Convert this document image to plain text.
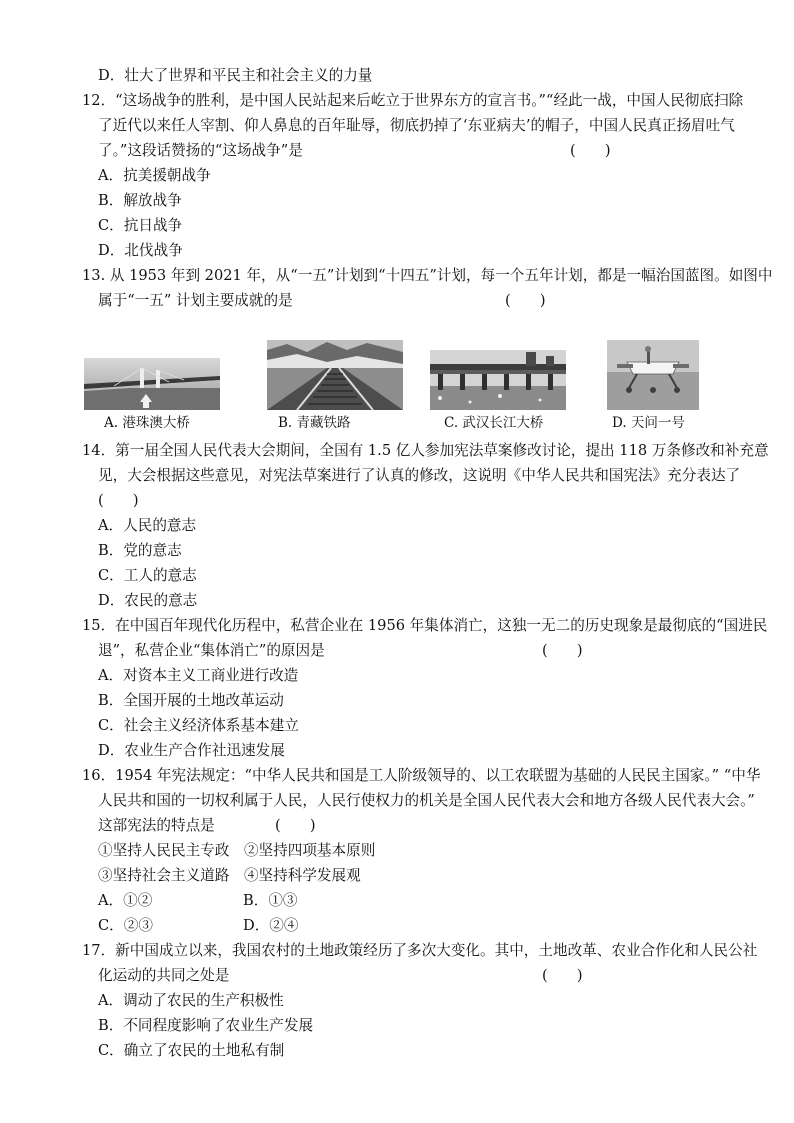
D．壮大了世界和平民主和社会主义的力量
12．“这场战争的胜利，是中国人民站起来后屹立于世界东方的宣言书。”“经此一战，中国人民彻底扫除
了近代以来任人宰割、仰人鼻息的百年耻辱，彻底扔掉了‘东亚病夫’的帽子，中国人民真正扬眉吐气
了。”这段话赞扬的“这场战争”是	(　　)
A．抗美援朝战争
B．解放战争
C．抗日战争
D．北伐战争
13. 从 1953 年到 2021 年，从“一五”计划到“十四五”计划，每一个五年计划，都是一幅治国蓝图。如图中
属于“一五” 计划主要成就的是	(　　)
A. 港珠澳大桥	B. 青藏铁路	C. 武汉长江大桥	D. 天问一号
14．第一届全国人民代表大会期间，全国有 1.5 亿人参加宪法草案修改讨论，提出 118 万条修改和补充意
见，大会根据这些意见，对宪法草案进行了认真的修改，这说明《中华人民共和国宪法》充分表达了
(　　)
A．人民的意志
B．党的意志
C．工人的意志
D．农民的意志
15．在中国百年现代化历程中，私营企业在 1956 年集体消亡，这独一无二的历史现象是最彻底的“国进民
退”，私营企业“集体消亡”的原因是	(　　)
A．对资本主义工商业进行改造
B．全国开展的土地改革运动
C．社会主义经济体系基本建立
D．农业生产合作社迅速发展
16．1954 年宪法规定：“中华人民共和国是工人阶级领导的、以工农联盟为基础的人民民主国家。” “中华
人民共和国的一切权利属于人民，人民行使权力的机关是全国人民代表大会和地方各级人民代表大会。”
这部宪法的特点是	(　　)
①坚持人民民主专政　②坚持四项基本原则
③坚持社会主义道路　④坚持科学发展观
A．①②	B．①③
C．②③	D．②④
17．新中国成立以来，我国农村的土地政策经历了多次大变化。其中，土地改革、农业合作化和人民公社
化运动的共同之处是	(　　)
A．调动了农民的生产积极性
B．不同程度影响了农业生产发展
C．确立了农民的土地私有制
